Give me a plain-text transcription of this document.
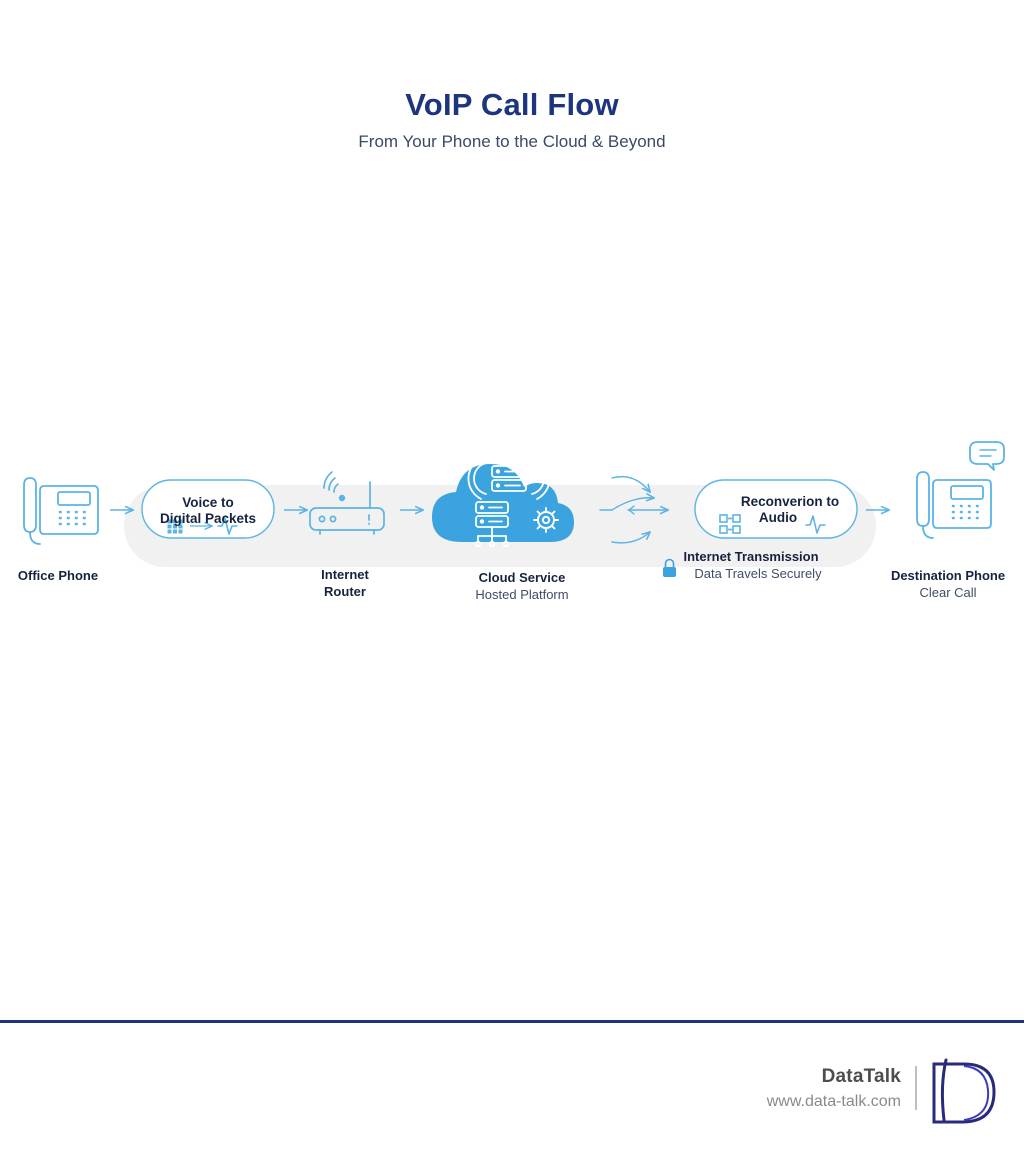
VoIP Call Flow
From Your Phone to the Cloud & Beyond
Voice to
Digital Packets
Reconverion to
Audio
Office Phone	Internet
Router
Cloud Service
Hosted Platform
Internet Transmission
Data Travels Securely	Destination Phone
Clear Call
DataTalk
www.data-talk.com
